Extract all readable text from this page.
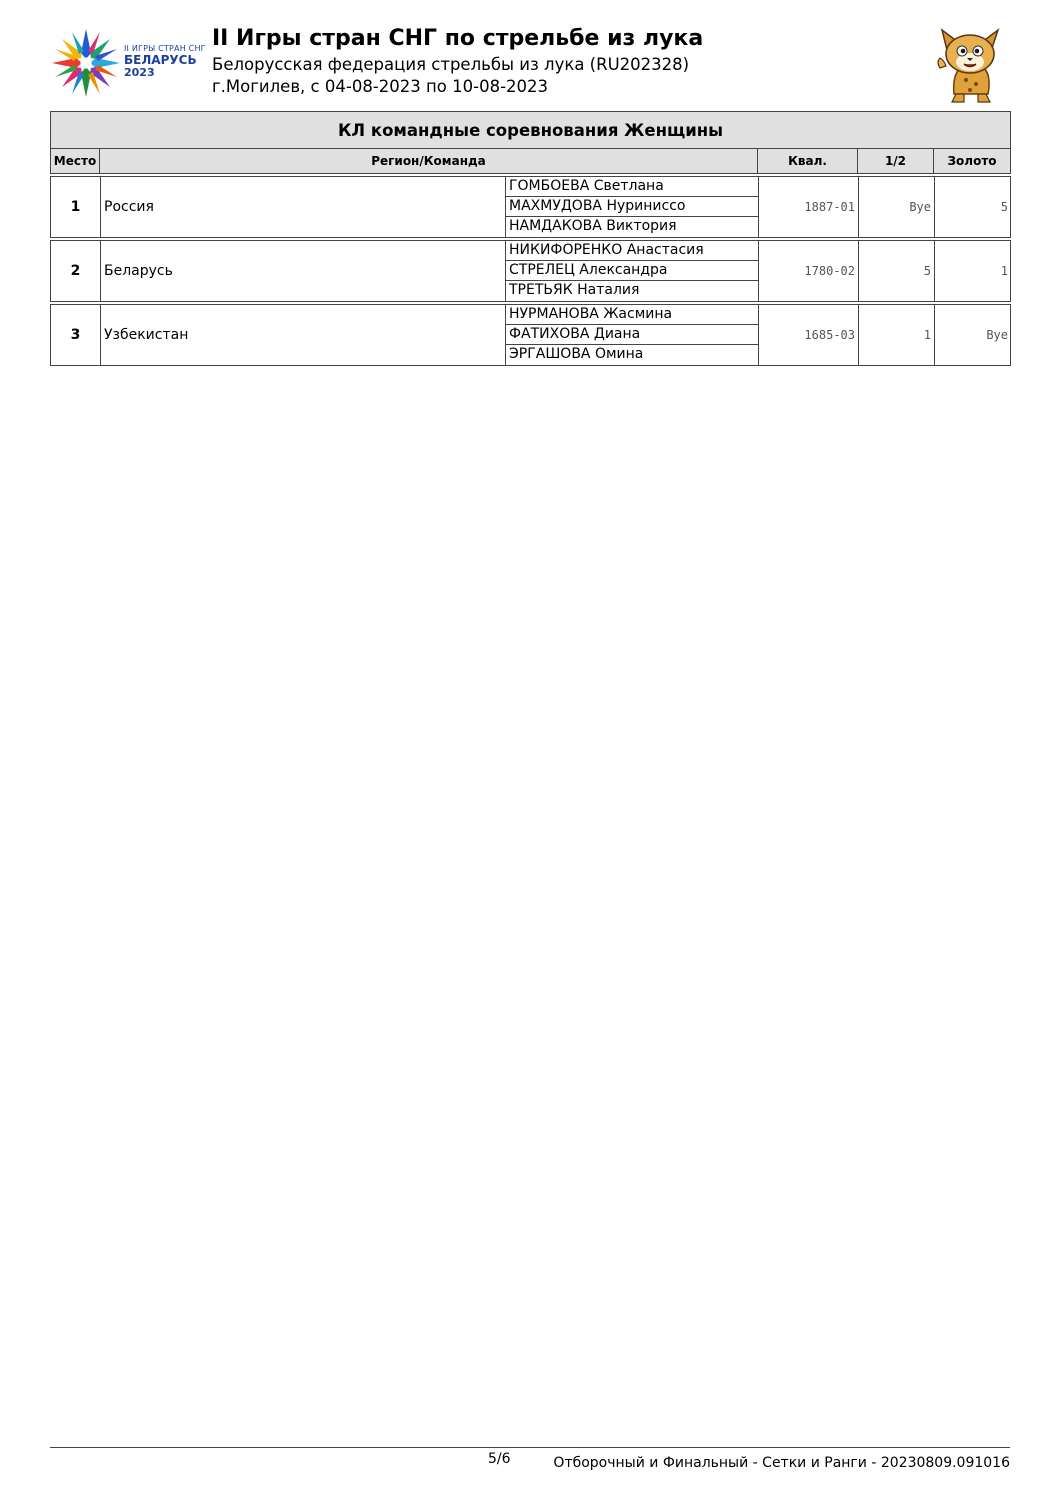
II ИГРЫ СТРАН СНГ
БЕЛАРУСЬ
2023
II Игры стран СНГ по стрельбе из лука
Белорусская федерация стрельбы из лука (RU202328)
г.Могилев, с 04-08-2023 по 10-08-2023
КЛ командные соревнования Женщины
Место	Регион/Команда	Квал.	1/2	Золото

1	Россия
ГОМБОЕВА Светлана
МАХМУДОВА Нуриниссо
НАМДАКОВА Виктория
1887-01	Bye	5

2	Беларусь
НИКИФОРЕНКО Анастасия
СТРЕЛЕЦ Александра
ТРЕТЬЯК Наталия
1780-02	5	1

3	Узбекистан
НУРМАНОВА Жасмина
ФАТИХОВА Диана
ЭРГАШОВА Омина
1685-03	1	Bye
5/6	Отборочный и Финальный - Сетки и Ранги - 20230809.091016
